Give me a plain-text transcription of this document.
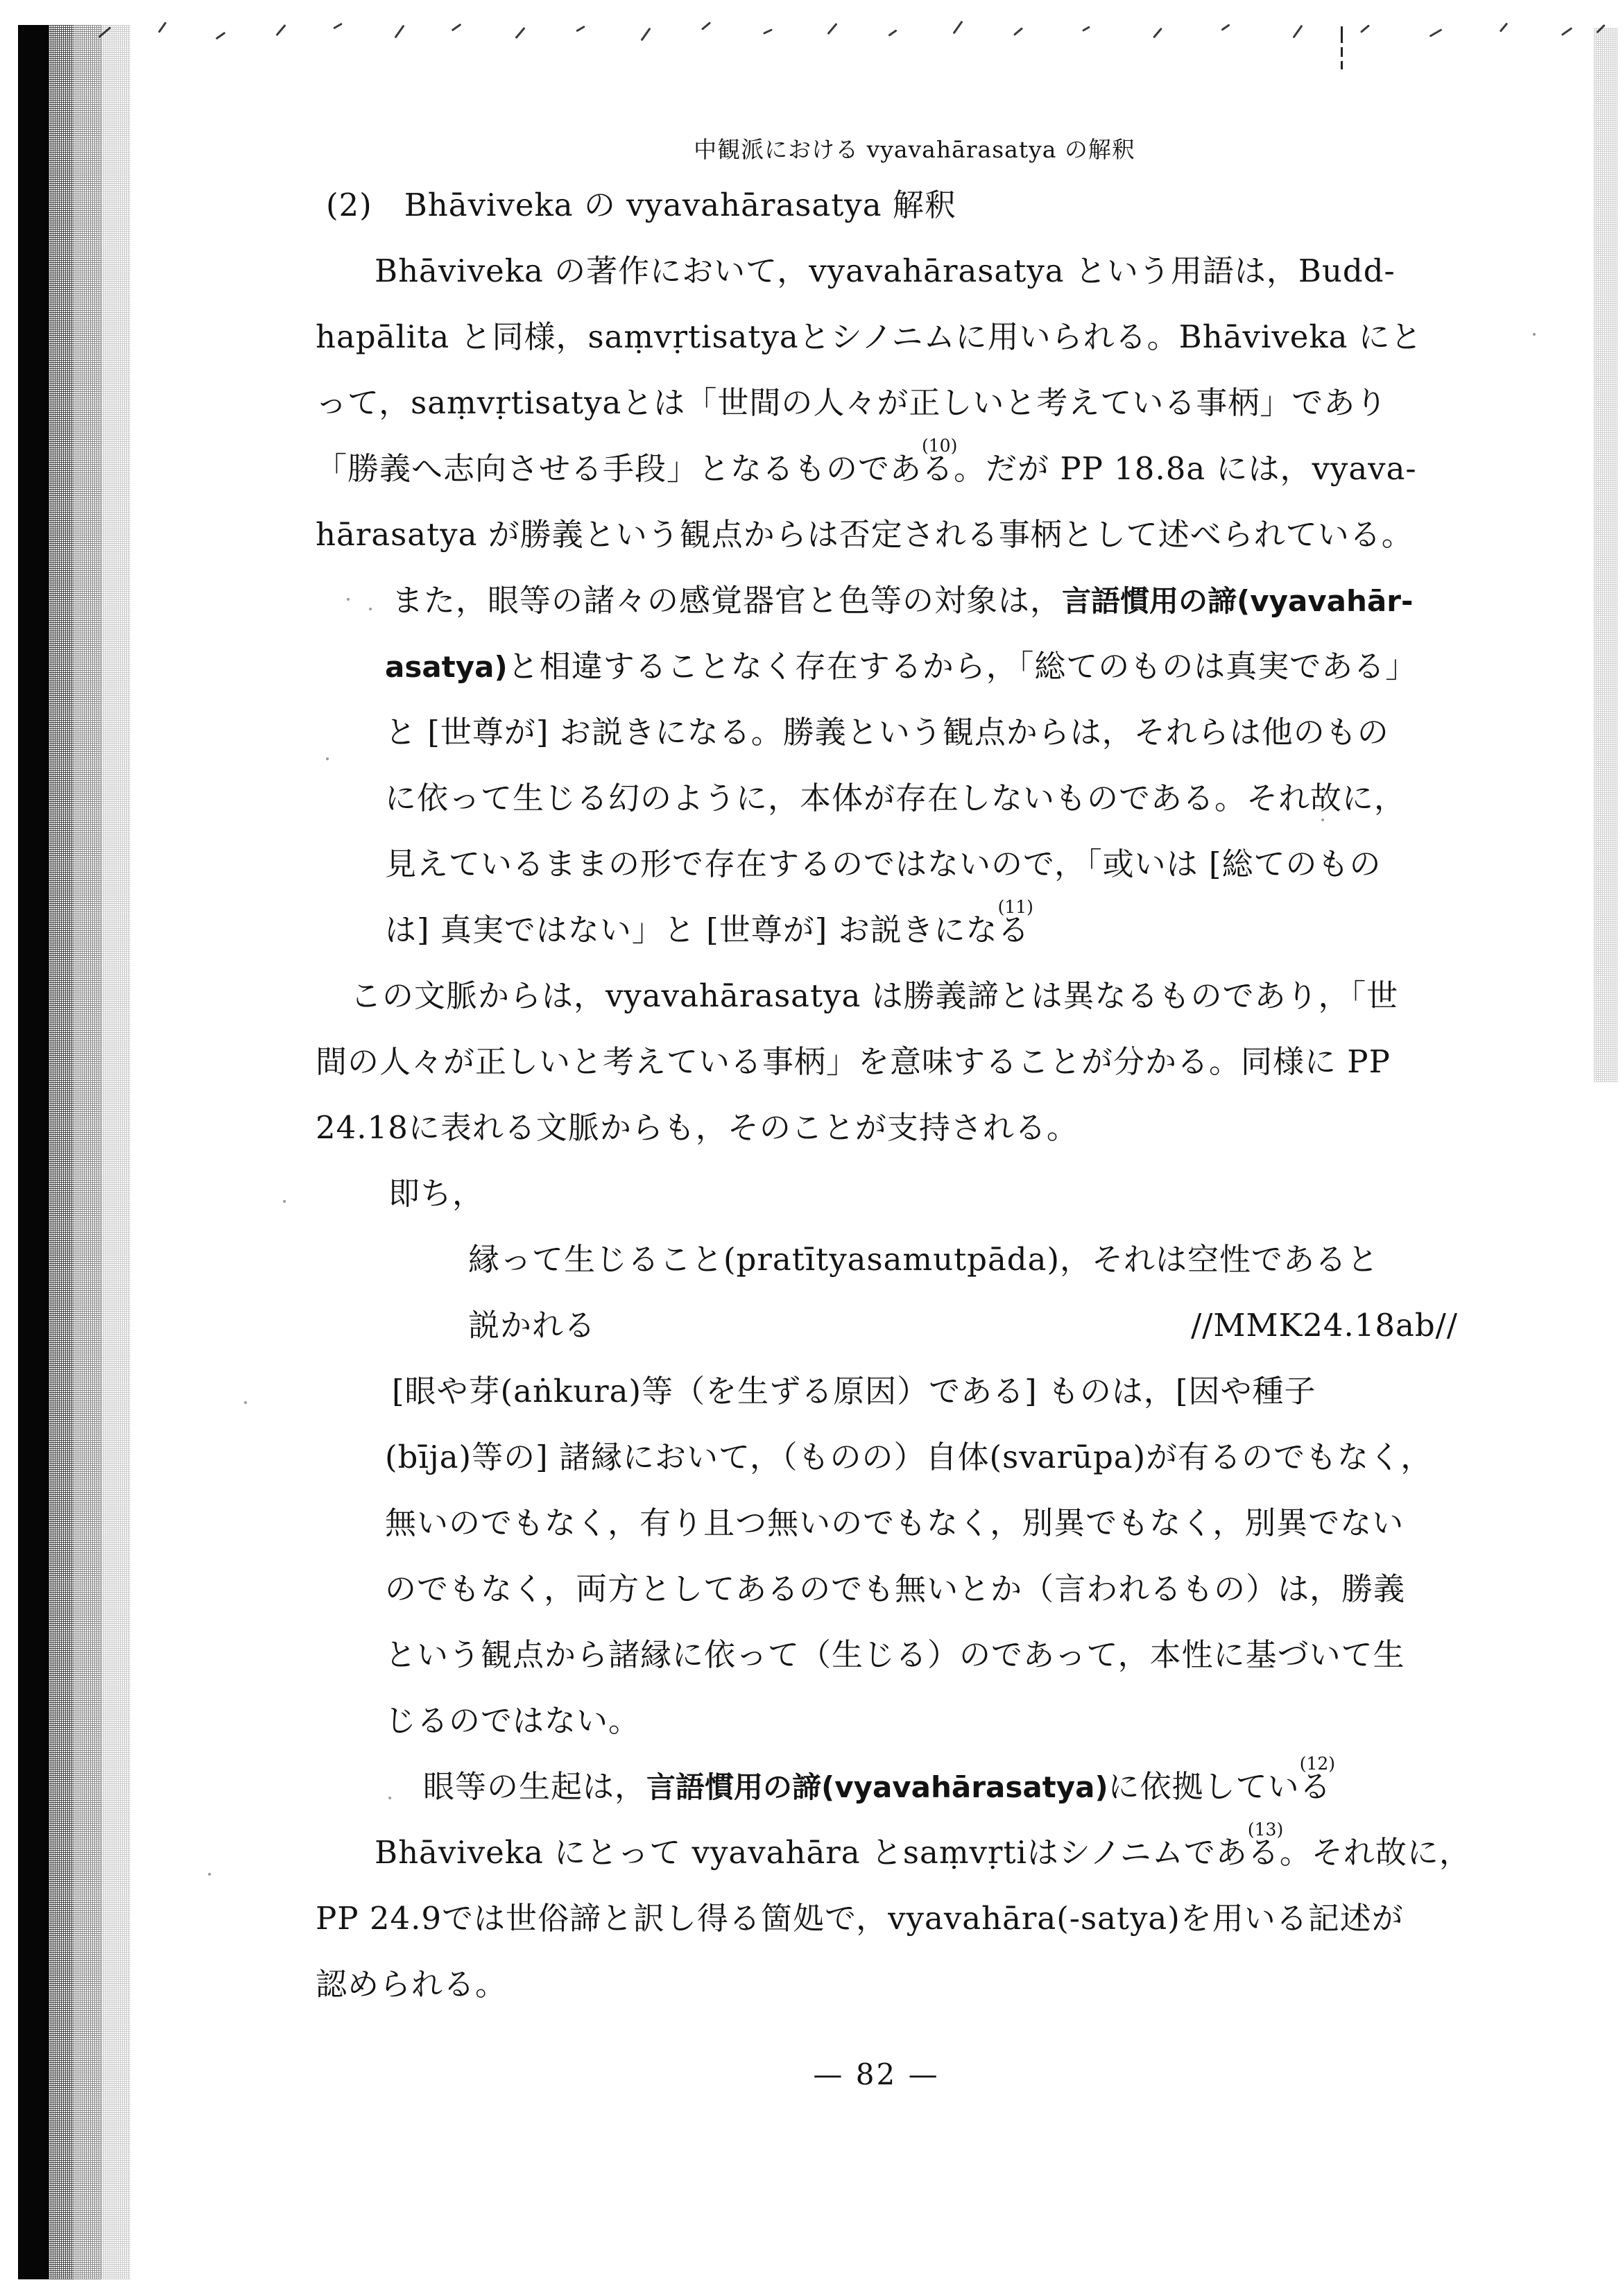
中観派における vyavahārasatya の解釈
(2)　Bhāviveka の vyavahārasatya 解釈
Bhāviveka の著作において，vyavahārasatya という用語は，Budd-
hapālita と同様，saṃvṛtisatyaとシノニムに用いられる。Bhāviveka にと
って，saṃvṛtisatyaとは「世間の人々が正しいと考えている事柄」であり
「勝義へ志向させる手段」となるものである(10)。だが PP 18.8a には，vyava-
hārasatya が勝義という観点からは否定される事柄として述べられている。
また，眼等の諸々の感覚器官と色等の対象は，言語慣用の諦(vyavahār-
asatya)と相違することなく存在するから，「総てのものは真実である」
と [世尊が] お説きになる。勝義という観点からは，それらは他のもの
に依って生じる幻のように，本体が存在しないものである。それ故に，
見えているままの形で存在するのではないので，「或いは [総てのもの
は] 真実ではない」と [世尊が] お説きになる(11)
この文脈からは，vyavahārasatya は勝義諦とは異なるものであり，「世
間の人々が正しいと考えている事柄」を意味することが分かる。同様に PP
24.18に表れる文脈からも，そのことが支持される。
即ち，
縁って生じること(pratītyasamutpāda)，それは空性であると
説かれる	//MMK24.18ab//
[眼や芽(aṅkura)等（を生ずる原因）である] ものは，[因や種子
(bīja)等の] 諸縁において，（ものの）自体(svarūpa)が有るのでもなく，
無いのでもなく，有り且つ無いのでもなく，別異でもなく，別異でない
のでもなく，両方としてあるのでも無いとか（言われるもの）は，勝義
という観点から諸縁に依って（生じる）のであって，本性に基づいて生
じるのではない。
眼等の生起は，言語慣用の諦(vyavahārasatya)に依拠している(12)
Bhāviveka にとって vyavahāra とsaṃvṛtiはシノニムである(13)。それ故に，
PP 24.9では世俗諦と訳し得る箇処で，vyavahāra(-satya)を用いる記述が
認められる。
— 82 —
